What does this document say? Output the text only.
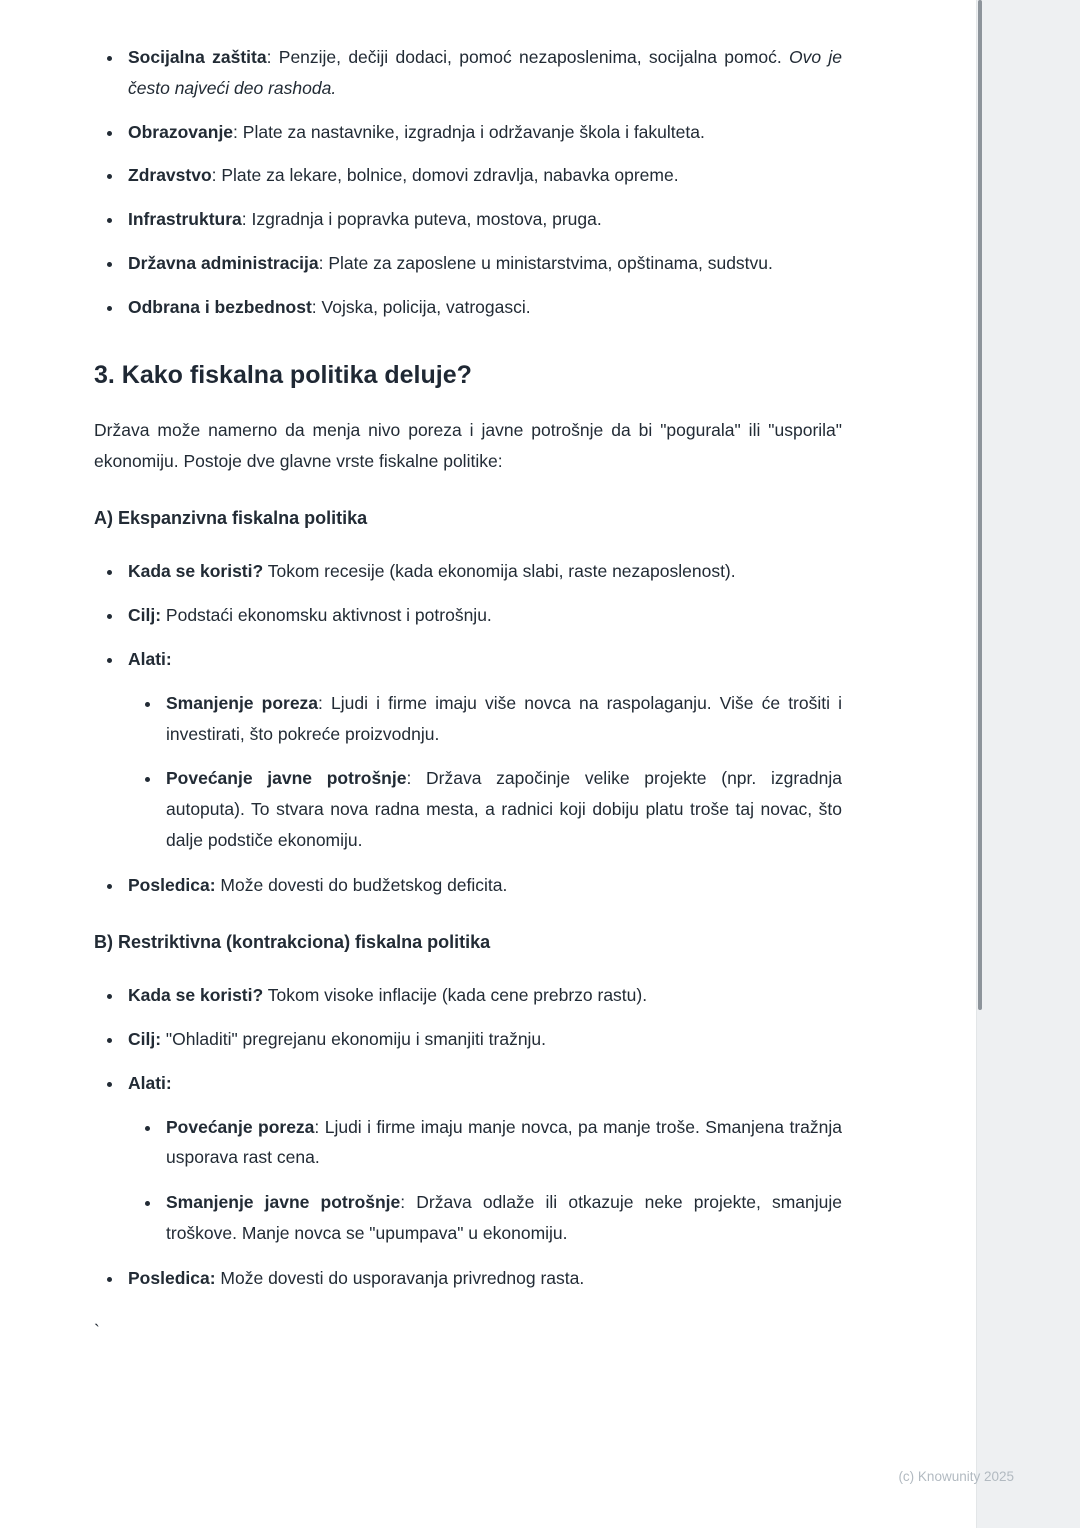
• Socijalna zaštita: Penzije, dečiji dodaci, pomoć nezaposlenima, socijalna pomoć. Ovo je često najveći deo rashoda.
• Obrazovanje: Plate za nastavnike, izgradnja i održavanje škola i fakulteta.
• Zdravstvo: Plate za lekare, bolnice, domovi zdravlja, nabavka opreme.
• Infrastruktura: Izgradnja i popravka puteva, mostova, pruga.
• Državna administracija: Plate za zaposlene u ministarstvima, opštinama, sudstvu.
• Odbrana i bezbednost: Vojska, policija, vatrogasci.
3. Kako fiskalna politika deluje?

Država može namerno da menja nivo poreza i javne potrošnje da bi "pogurala" ili "usporila" ekonomiju. Postoje dve glavne vrste fiskalne politike:

A) Ekspanzivna fiskalna politika

• Kada se koristi? Tokom recesije (kada ekonomija slabi, raste nezaposlenost).
• Cilj: Podstaći ekonomsku aktivnost i potrošnju.
• Alati:
• Smanjenje poreza: Ljudi i firme imaju više novca na raspolaganju. Više će trošiti i investirati, što pokreće proizvodnju.
• Povećanje javne potrošnje: Država započinje velike projekte (npr. izgradnja autoputa). To stvara nova radna mesta, a radnici koji dobiju platu troše taj novac, što dalje podstiče ekonomiju.
• Posledica: Može dovesti do budžetskog deficita.

B) Restriktivna (kontrakciona) fiskalna politika

• Kada se koristi? Tokom visoke inflacije (kada cene prebrzo rastu).
• Cilj: "Ohladiti" pregrejanu ekonomiju i smanjiti tražnju.
• Alati:
• Povećanje poreza: Ljudi i firme imaju manje novca, pa manje troše. Smanjena tražnja usporava rast cena.
• Smanjenje javne potrošnje: Država odlaže ili otkazuje neke projekte, smanjuje troškove. Manje novca se "upumpava" u ekonomiju.
• Posledica: Može dovesti do usporavanja privrednog rasta.
`
(c) Knowunity 2025
